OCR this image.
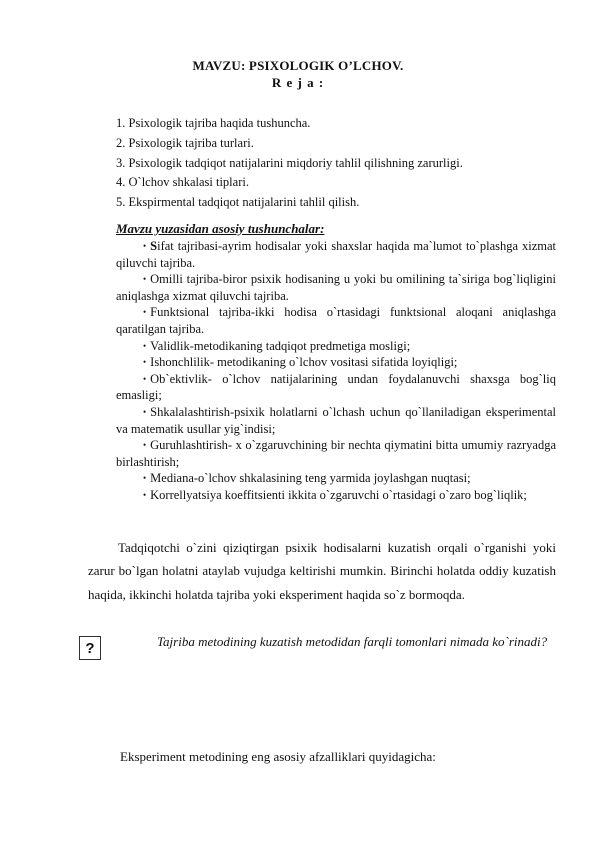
MAVZU: PSIXOLOGIK O’LCHOV.
R e j a :
1. Psixologik tajriba haqida tushuncha.
2. Psixologik tajriba turlari.
3. Psixologik tadqiqot natijalarini miqdoriy tahlil qilishning zarurligi.
4. O`lchov shkalasi tiplari.
5. Ekspirmental tadqiqot natijalarini tahlil qilish.
Mavzu yuzasidan asosiy tushunchalar:
• Sifat tajribasi-ayrim hodisalar yoki shaxslar haqida ma`lumot to`plashga xizmat qiluvchi tajriba.
• Omilli tajriba-biror psixik hodisaning u yoki bu omilining ta`siriga bog`liqligini aniqlashga xizmat qiluvchi tajriba.
• Funktsional tajriba-ikki hodisa o`rtasidagi funktsional aloqani aniqlashga qaratilgan tajriba.
• Validlik-metodikaning tadqiqot predmetiga mosligi;
• Ishonchlilik- metodikaning o`lchov vositasi sifatida loyiqligi;
• Ob`ektivlik- o`lchov natijalarining undan foydalanuvchi shaxsga bog`liq emasligi;
• Shkalalashtirish-psixik holatlarni o`lchash uchun qo`llaniladigan eksperimental va matematik usullar yig`indisi;
• Guruhlashtirish- x o`zgaruvchining bir nechta qiymatini bitta umumiy razryadga birlashtirish;
• Mediana-o`lchov shkalasining teng yarmida joylashgan nuqtasi;
• Korrellyatsiya koeffitsienti ikkita o`zgaruvchi o`rtasidagi o`zaro bog`liqlik;
Tadqiqotchi o`zini qiziqtirgan psixik hodisalarni kuzatish orqali o`rganishi yoki zarur bo`lgan holatni ataylab vujudga keltirishi mumkin. Birinchi holatda oddiy kuzatish haqida, ikkinchi holatda tajriba yoki eksperiment haqida so`z bormoqda.
?	Tajriba metodining kuzatish metodidan farqli tomonlari nimada ko`rinadi?
Eksperiment metodining eng asosiy afzalliklari quyidagicha:
